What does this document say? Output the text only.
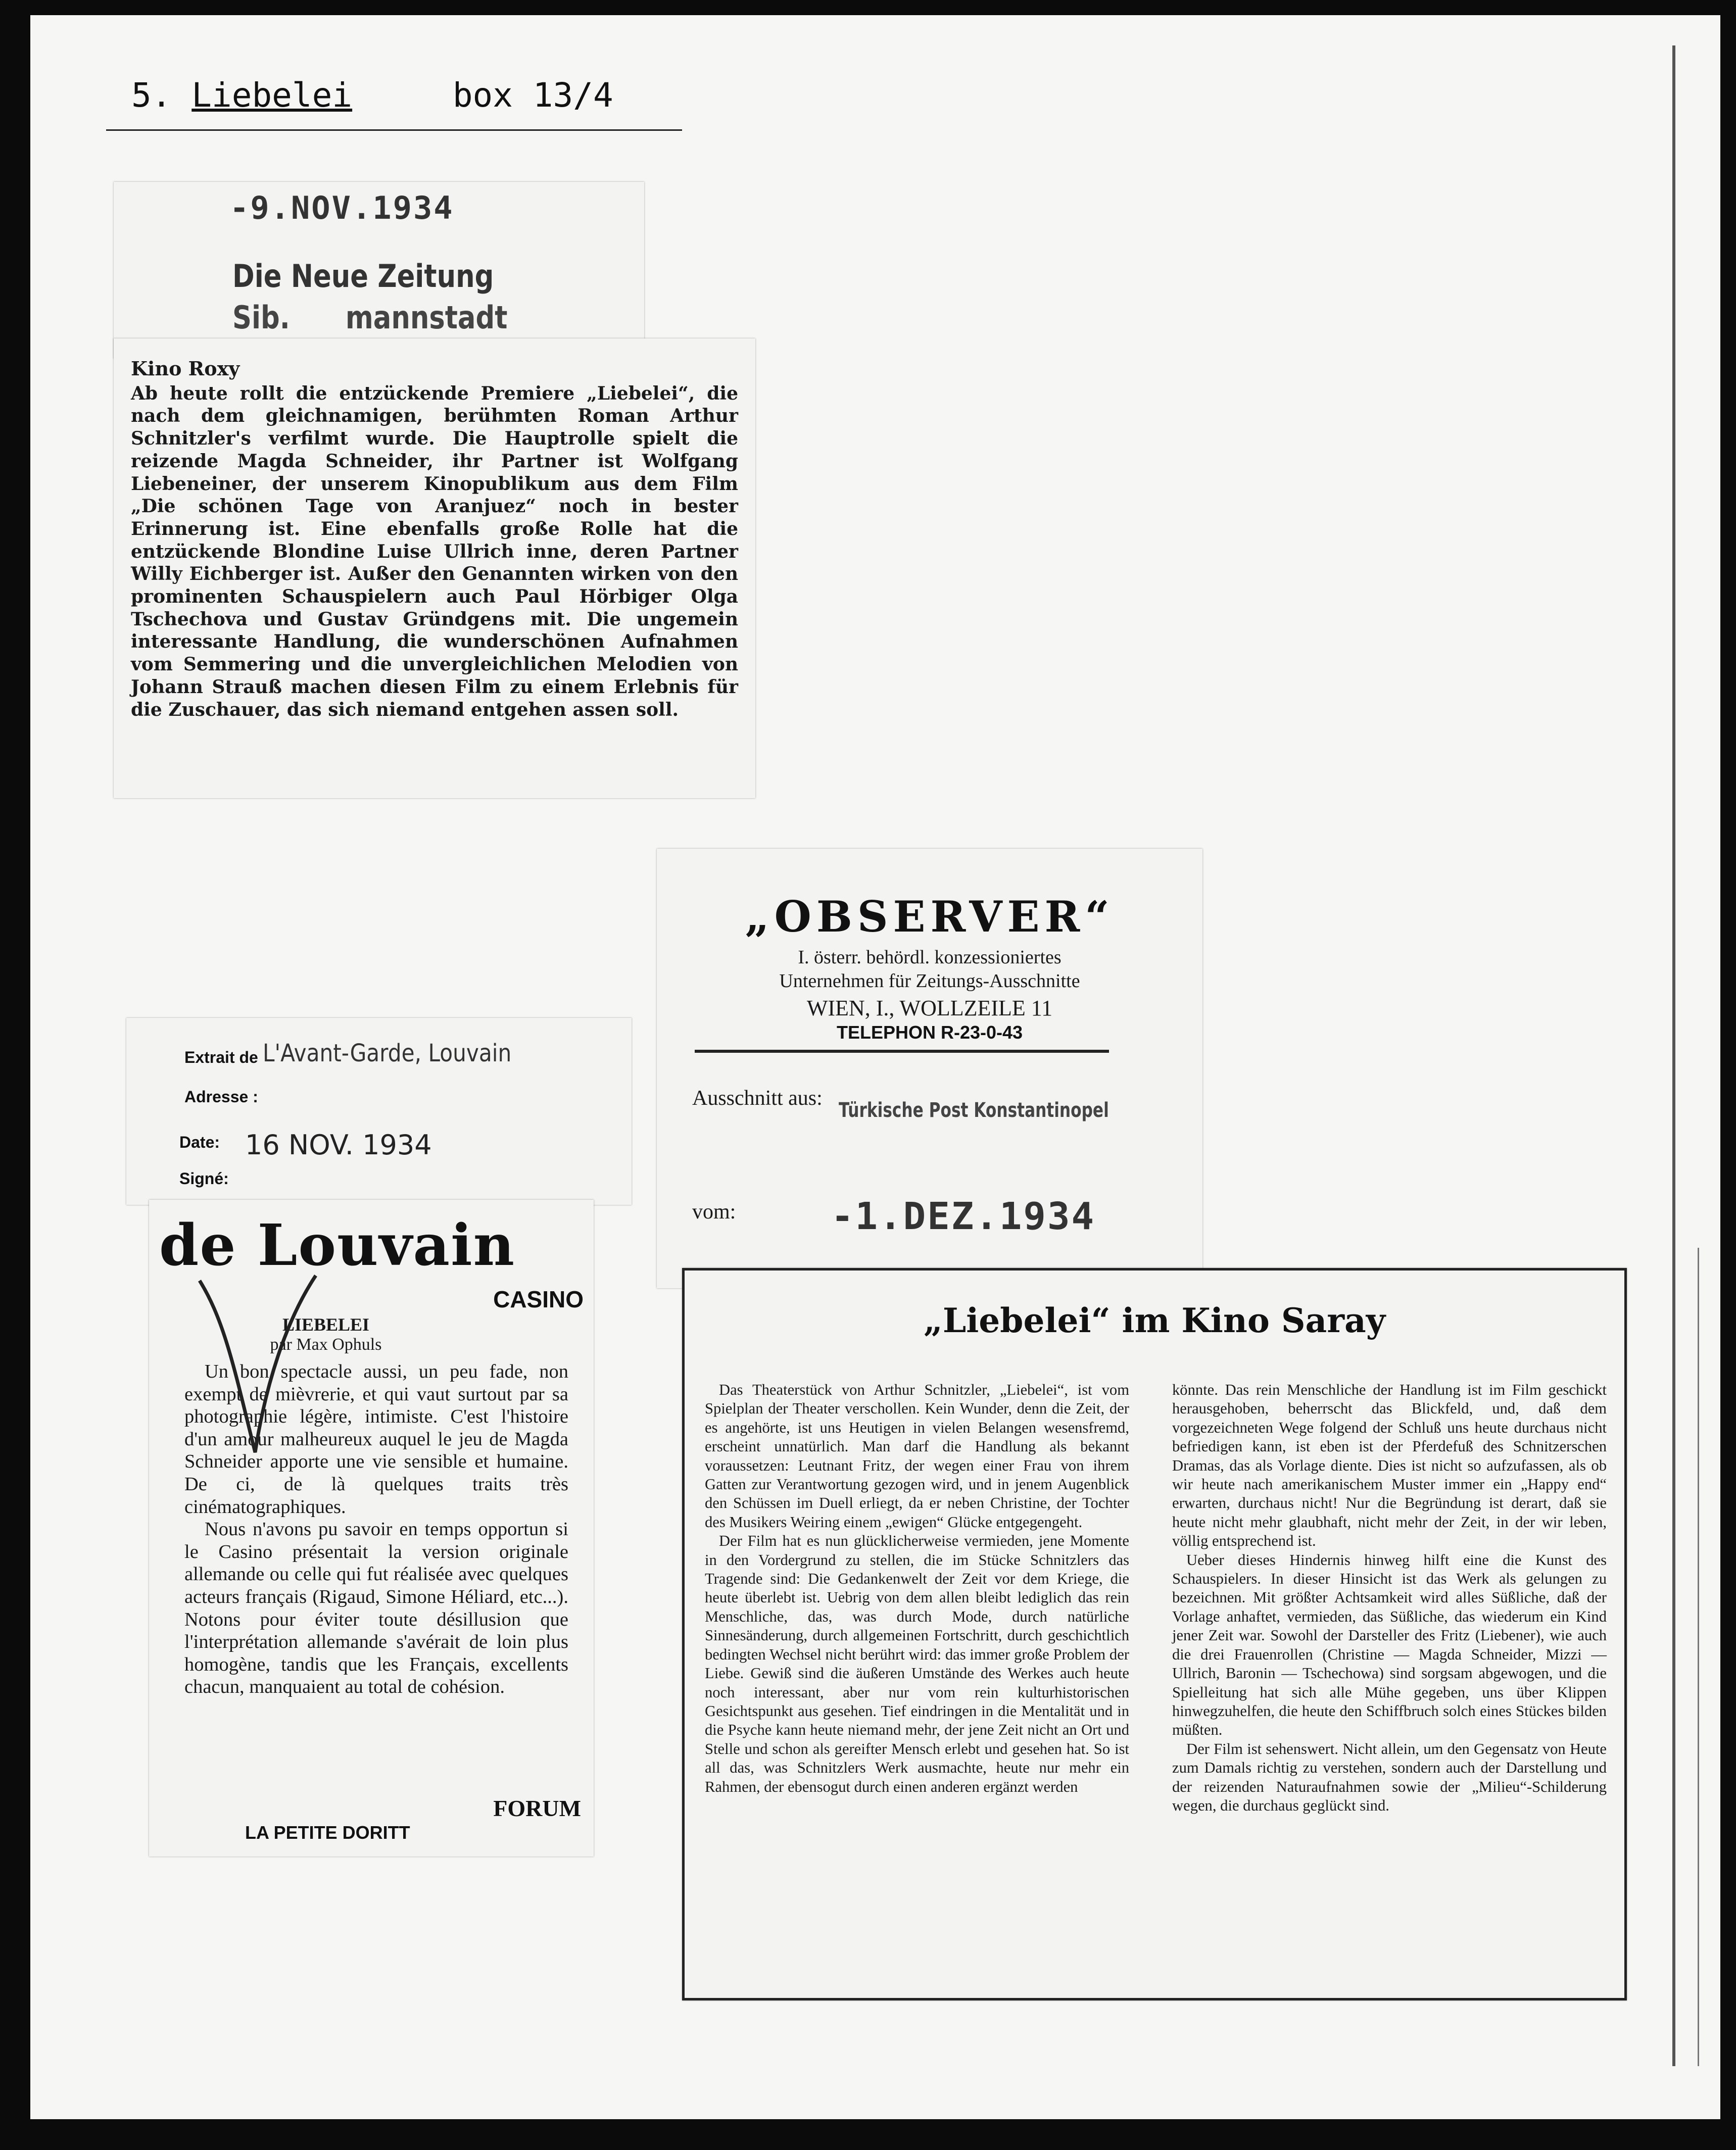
5. Liebelei	box 13/4
-9.NOV.1934
Die Neue Zeitung
Sib.      mannstadt
Kino Roxy
Ab heute rollt die entzückende Premiere „Liebelei“, die nach dem gleichnamigen, berühmten Roman Arthur Schnitzler's verfilmt wurde. Die Hauptrolle spielt die reizende Magda Schneider, ihr Partner ist Wolfgang Liebeneiner, der unserem Kinopublikum aus dem Film „Die schönen Tage von Aranjuez“ noch in bester Erinnerung ist. Eine ebenfalls große Rolle hat die entzückende Blondine Luise Ullrich inne, deren Partner Willy Eichberger ist. Außer den Genannten wirken von den prominenten Schauspielern auch Paul Hörbiger Olga Tschechova und Gustav Gründgens mit. Die ungemein interessante Handlung, die wunderschönen Aufnahmen vom Semmering und die unvergleichlichen Melodien von Johann Strauß machen diesen Film zu einem Erlebnis für die Zuschauer, das sich niemand entgehen assen soll.
„OBSERVER“
I. österr. behördl. konzessioniertes
Unternehmen für Zeitungs-Ausschnitte
WIEN, I., WOLLZEILE 11
TELEPHON R-23-0-43
Ausschnitt aus:
Türkische Post Konstantinopel
vom:	-1.DEZ.1934
Extrait de L'Avant-Garde, Louvain
Adresse :
Date: 16 NOV. 1934
Signé:
de Louvain
CASINO
LIEBELEI
par Max Ophuls

Un bon spectacle aussi, un peu fade, non exempt de mièvrerie, et qui vaut surtout par sa photographie légère, intimiste. C'est l'histoire d'un amour malheureux auquel le jeu de Magda Schneider apporte une vie sensible et humaine. De ci, de là quelques traits très cinématographiques.

Nous n'avons pu savoir en temps opportun si le Casino présentait la version originale allemande ou celle qui fut réalisée avec quelques acteurs français (Rigaud, Simone Héliard, etc...). Notons pour éviter toute désillusion que l'interprétation allemande s'avérait de loin plus homogène, tandis que les Français, excellents chacun, manquaient au total de cohésion.

FORUM
LA PETITE DORITT
„Liebelei“ im Kino Saray

Das Theaterstück von Arthur Schnitzler, „Liebelei“, ist vom Spielplan der Theater verschollen. Kein Wunder, denn die Zeit, der es angehörte, ist uns Heutigen in vielen Belangen wesensfremd, erscheint unnatürlich. Man darf die Handlung als bekannt voraussetzen: Leutnant Fritz, der wegen einer Frau von ihrem Gatten zur Verantwortung gezogen wird, und in jenem Augenblick den Schüssen im Duell erliegt, da er neben Christine, der Tochter des Musikers Weiring einem „ewigen“ Glücke entgegengeht.

Der Film hat es nun glücklicherweise vermieden, jene Momente in den Vordergrund zu stellen, die im Stücke Schnitzlers das Tragende sind: Die Gedankenwelt der Zeit vor dem Kriege, die heute überlebt ist. Uebrig von dem allen bleibt lediglich das rein Menschliche, das, was durch Mode, durch natürliche Sinnesänderung, durch allgemeinen Fortschritt, durch geschichtlich bedingten Wechsel nicht berührt wird: das immer große Problem der Liebe. Gewiß sind die äußeren Umstände des Werkes auch heute noch interessant, aber nur vom rein kulturhistorischen Gesichtspunkt aus gesehen. Tief eindringen in die Mentalität und in die Psyche kann heute niemand mehr, der jene Zeit nicht an Ort und Stelle und schon als gereifter Mensch erlebt und gesehen hat. So ist all das, was Schnitzlers Werk ausmachte, heute nur mehr ein Rahmen, der ebensogut durch einen anderen ergänzt werden

könnte. Das rein Menschliche der Handlung ist im Film geschickt herausgehoben, beherrscht das Blickfeld, und, daß dem vorgezeichneten Wege folgend der Schluß uns heute durchaus nicht befriedigen kann, ist eben ist der Pferdefuß des Schnitzerschen Dramas, das als Vorlage diente. Dies ist nicht so aufzufassen, als ob wir heute nach amerikanischem Muster immer ein „Happy end“ erwarten, durchaus nicht! Nur die Begründung ist derart, daß sie heute nicht mehr glaubhaft, nicht mehr der Zeit, in der wir leben, völlig entsprechend ist.

Ueber dieses Hindernis hinweg hilft eine die Kunst des Schauspielers. In dieser Hinsicht ist das Werk als gelungen zu bezeichnen. Mit größter Achtsamkeit wird alles Süßliche, daß der Vorlage anhaftet, vermieden, das Süßliche, das wiederum ein Kind jener Zeit war. Sowohl der Darsteller des Fritz (Liebener), wie auch die drei Frauenrollen (Christine — Magda Schneider, Mizzi — Ullrich, Baronin — Tschechowa) sind sorgsam abgewogen, und die Spielleitung hat sich alle Mühe gegeben, uns über Klippen hinwegzuhelfen, die heute den Schiffbruch solch eines Stückes bilden müßten.

Der Film ist sehenswert. Nicht allein, um den Gegensatz von Heute zum Damals richtig zu verstehen, sondern auch der Darstellung und der reizenden Naturaufnahmen sowie der „Milieu“-Schilderung wegen, die durchaus geglückt sind.
